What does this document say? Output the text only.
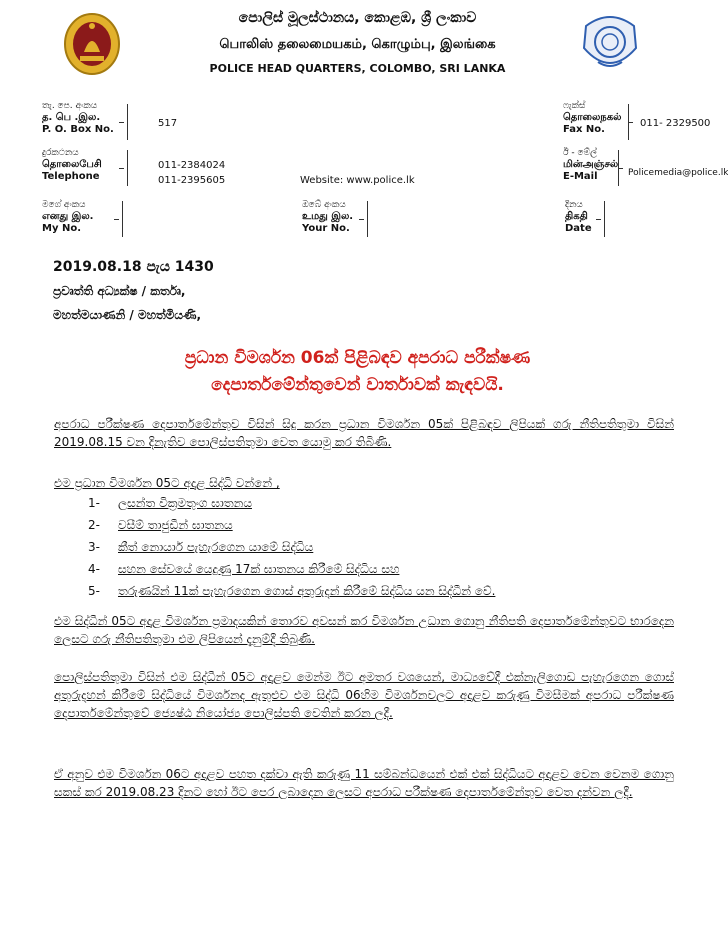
පොලිස් මූලස්ථානය, කොළඹ, ශ්‍රී ලංකාව
பொலிஸ் தலைமையகம், கொழும்பு, இலங்கை
POLICE HEAD QUARTERS, COLOMBO, SRI LANKA
තැ. පෙ. අංකය
த. பெ .இல.
P. O. Box No.
517
දුරකථනය
தொலைபேசி
Telephone
011-2384024
011-2395605	Website: www.police.lk
ෆැක්ස්
தொலைநகல்
Fax No.
011- 2329500
ඊ - මේල්
மின்அஞ்சல்
E-Mail	Policemedia@police.lk
මගේ අංකය
எனது இல.
My No.
ඔබේ අංකය
உமது இல.
Your No.
දිනය
திகதி
Date
2019.08.18 පැය 1430
ප්‍රවෘත්ති අධ්‍යක්ෂ / කර්තෘ,
මහත්මයාණනි / මහත්මියණි,
ප්‍රධාන විමර්ශන 06ක් පිළිබඳව අපරාධ පරීක්ෂණ
දෙපාර්තමේන්තුවෙන් වාර්තාවක් කැඳවයි.
අපරාධ පරීක්ෂණ දෙපාර්තමේන්තුව විසින් සිදු කරන ප්‍රධාන විමර්ශන 05ක් පිළිබඳව ලිපියක් ගරු නීතිපතිතුමා විසින් 2019.08.15 වන දිනැතිව පොලිස්පතිතුමා වෙත යොමු කර තිබිණි.
එම ප්‍රධාන විමර්ශන 05ට අදාළ සිද්ධි වන්නේ ,
1-	ලසන්ත වික්‍රමතුංග ඝාතනය
2-	වසීම් තාජුඩීන් ඝාතනය
3-	කීත් නොයාර් පැහැරගෙන යාමේ සිද්ධිය
4-	සහන සේවයේ යෙදුණු 17ක් ඝාතනය කිරීමේ සිද්ධිය සහ
5-	තරුණයින් 11ක් පැහැරගෙන ගොස් අතුරුදන් කිරීමේ සිද්ධිය යන සිද්ධීන් වේ.
එම සිද්ධීන් 05ට අදාළ විමර්ශන ප්‍රමාදයකින් තොරව අවසන් කර විමර්ශන උධාන ගොනු නීතිපති දෙපාර්තමේන්තුවට භාරදෙන ලෙසට ගරු නීතිපතිතුමා එම ලිපියෙන් දැනුම්දී තිබුණි.
පොලිස්පතිතුමා විසින් එම සිද්ධීන් 05ට අදාළව මෙන්ම ඊට අමතර වශයෙන්, මාධ්‍යවේදී එක්නැලිගොඩ පැහැරගෙන ගොස් අතුරුදහන් කිරීමේ සිද්ධියේ විමර්ශනද ඇතුළුව එම සිද්ධි 06හිම විමර්ශනවලට අදාළව කරුණු විමසීමක් අපරාධ පරීක්ෂණ දෙපාර්තමේන්තුවේ ජ්‍යෙෂ්ඨ නියෝජ්‍ය පොලිස්පති වෙතින් කරන ලදී.
ඒ අනුව එම විමර්ශන 06ට අදාළව පහත දක්වා ඇති කරුණු 11 සම්බන්ධයෙන් එක් එක් සිද්ධියට අදාළව වෙන වෙනම ගොනු සකස් කර 2019.08.23 දිනට හෝ ඊට පෙර ලබාදෙන ලෙසට අපරාධ පරීක්ෂණ දෙපාර්තමේන්තුව වෙත දන්වන ලදී.
